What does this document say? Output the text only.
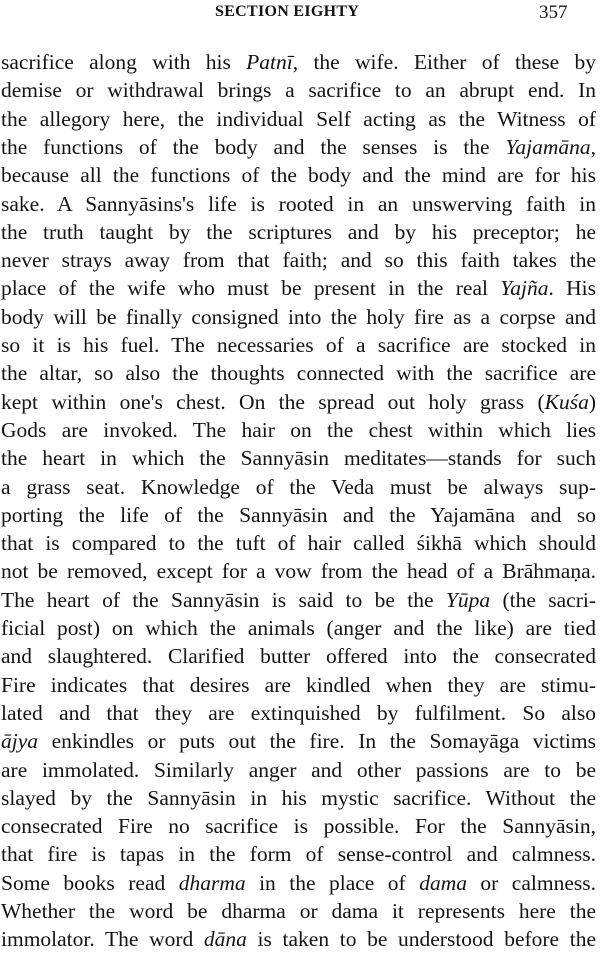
SECTION EIGHTY	357
sacrifice along with his Patnī, the wife. Either of these by
demise or withdrawal brings a sacrifice to an abrupt end. In
the allegory here, the individual Self acting as the Witness of
the functions of the body and the senses is the Yajamāna,
because all the functions of the body and the mind are for his
sake. A Sannyāsins's life is rooted in an unswerving faith in
the truth taught by the scriptures and by his preceptor; he
never strays away from that faith; and so this faith takes the
place of the wife who must be present in the real Yajña. His
body will be finally consigned into the holy fire as a corpse and
so it is his fuel. The necessaries of a sacrifice are stocked in
the altar, so also the thoughts connected with the sacrifice are
kept within one's chest. On the spread out holy grass (Kuśa)
Gods are invoked. The hair on the chest within which lies
the heart in which the Sannyāsin meditates—stands for such
a grass seat. Knowledge of the Veda must be always sup-
porting the life of the Sannyāsin and the Yajamāna and so
that is compared to the tuft of hair called śikhā which should
not be removed, except for a vow from the head of a Brāhmaṇa.
The heart of the Sannyāsin is said to be the Yūpa (the sacri-
ficial post) on which the animals (anger and the like) are tied
and slaughtered. Clarified butter offered into the consecrated
Fire indicates that desires are kindled when they are stimu-
lated and that they are extinquished by fulfilment. So also
ājya enkindles or puts out the fire. In the Somayāga victims
are immolated. Similarly anger and other passions are to be
slayed by the Sannyāsin in his mystic sacrifice. Without the
consecrated Fire no sacrifice is possible. For the Sannyāsin,
that fire is tapas in the form of sense-control and calmness.
Some books read dharma in the place of dama or calmness.
Whether the word be dharma or dama it represents here the
immolator. The word dāna is taken to be understood before the
